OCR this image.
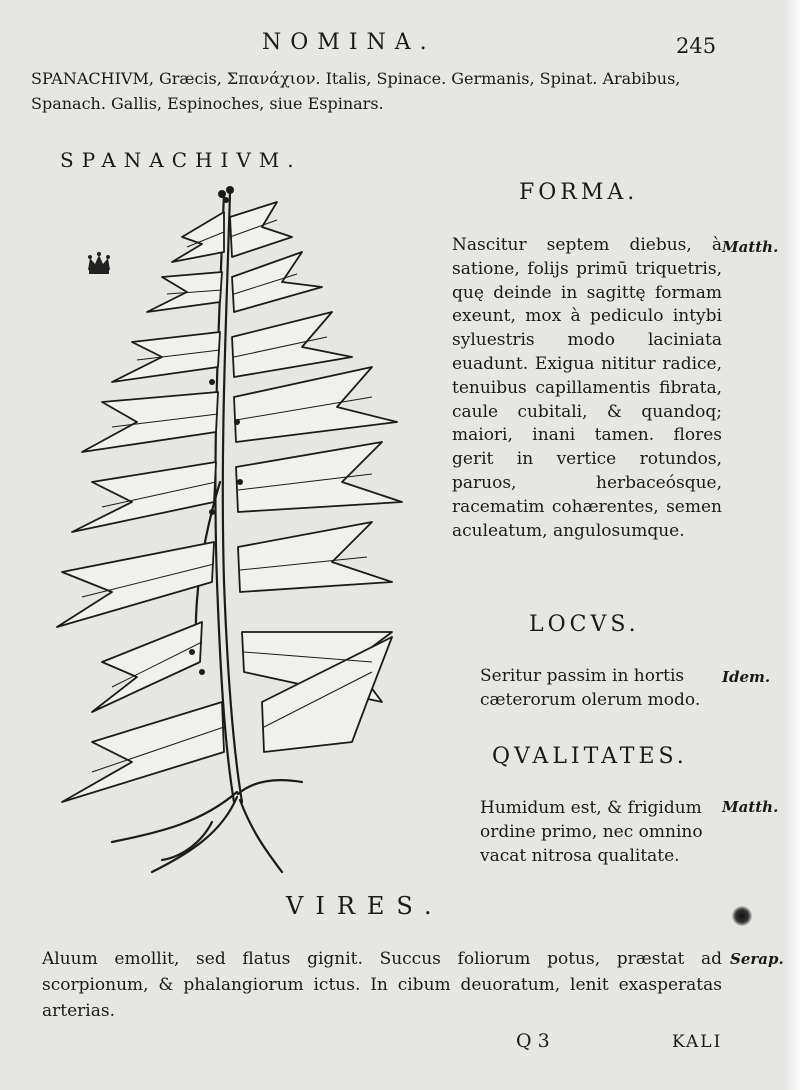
NOMINA.	245
SPANACHIVM, Græcis, Σπανάχιον. Italis, Spinace. Germanis, Spinat. Arabibus, Spanach. Gallis, Espinoches, siue Espinars.
SPANACHIVM.
FORMA.
Nascitur septem diebus, à satione, folijs primū triquetris, quę deinde in sagittę formam exeunt, mox à pediculo intybi syluestris modo laciniata euadunt. Exigua nititur radice, tenuibus capillamentis fibrata, caule cubitali, & quandoq; maiori, inani tamen. flores gerit in vertice rotundos, paruos, herbaceósque, racematim cohærentes, semen aculeatum, angulosumque.
Matth.
LOCVS.
Seritur passim in hortis cæterorum olerum modo.
Idem.
QVALITATES.
Humidum est, & frigidum ordine primo, nec omnino vacat nitrosa qualitate.
Matth.
VIRES.
Aluum emollit, sed flatus gignit. Succus foliorum potus, præstat ad scorpionum, & phalangiorum ictus. In cibum deuoratum, lenit exasperatas arterias.
Serap.
Q 3	KALI
